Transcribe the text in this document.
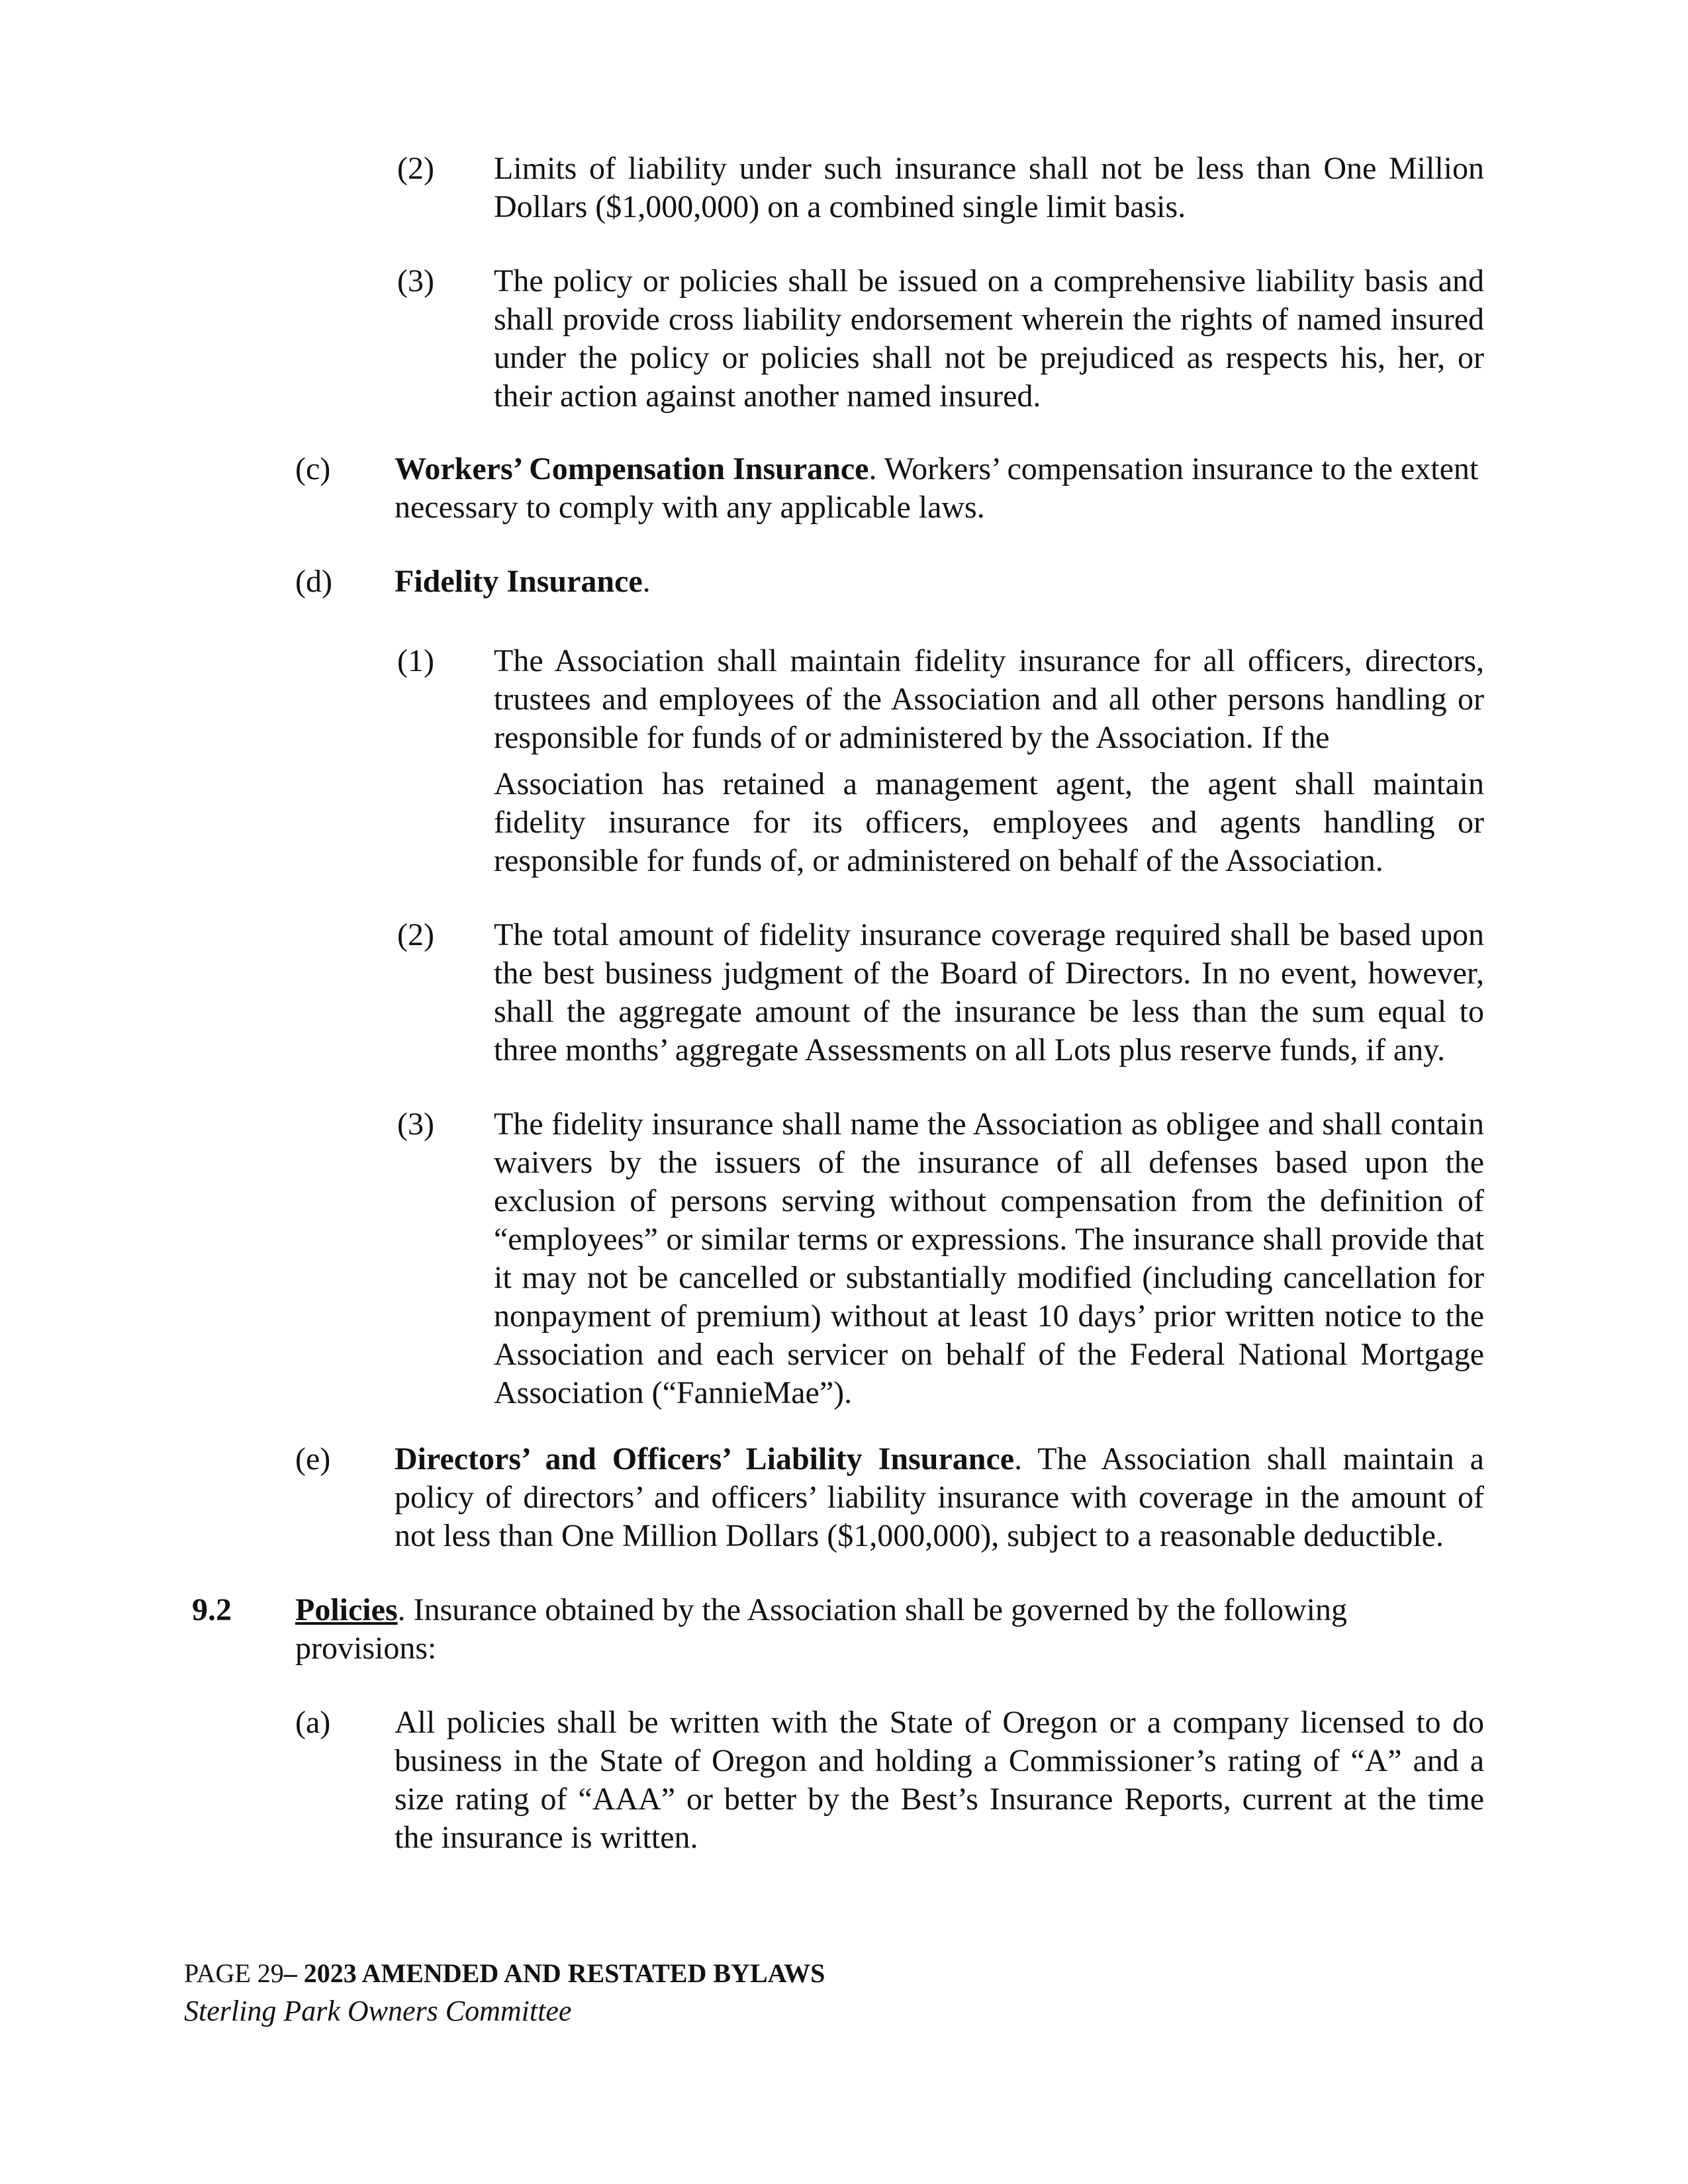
(2) Limits of liability under such insurance shall not be less than One Million Dollars ($1,000,000) on a combined single limit basis.

(3) The policy or policies shall be issued on a comprehensive liability basis and shall provide cross liability endorsement wherein the rights of named insured under the policy or policies shall not be prejudiced as respects his, her, or their action against another named insured.

(c) Workers’ Compensation Insurance. Workers’ compensation insurance to the extent necessary to comply with any applicable laws.

(d) Fidelity Insurance.

(1) The Association shall maintain fidelity insurance for all officers, directors, trustees and employees of the Association and all other persons handling or responsible for funds of or administered by the Association. If the

Association has retained a management agent, the agent shall maintain fidelity insurance for its officers, employees and agents handling or responsible for funds of, or administered on behalf of the Association.

(2) The total amount of fidelity insurance coverage required shall be based upon the best business judgment of the Board of Directors. In no event, however, shall the aggregate amount of the insurance be less than the sum equal to three months’ aggregate Assessments on all Lots plus reserve funds, if any.

(3) The fidelity insurance shall name the Association as obligee and shall contain waivers by the issuers of the insurance of all defenses based upon the exclusion of persons serving without compensation from the definition of “employees” or similar terms or expressions. The insurance shall provide that it may not be cancelled or substantially modified (including cancellation for nonpayment of premium) without at least 10 days’ prior written notice to the Association and each servicer on behalf of the Federal National Mortgage Association (“FannieMae”).

(e) Directors’ and Officers’ Liability Insurance. The Association shall maintain a policy of directors’ and officers’ liability insurance with coverage in the amount of not less than One Million Dollars ($1,000,000), subject to a reasonable deductible.

9.2 Policies. Insurance obtained by the Association shall be governed by the following provisions:

(a) All policies shall be written with the State of Oregon or a company licensed to do business in the State of Oregon and holding a Commissioner’s rating of “A” and a size rating of “AAA” or better by the Best’s Insurance Reports, current at the time the insurance is written.

PAGE 29– 2023 AMENDED AND RESTATED BYLAWS
Sterling Park Owners Committee
